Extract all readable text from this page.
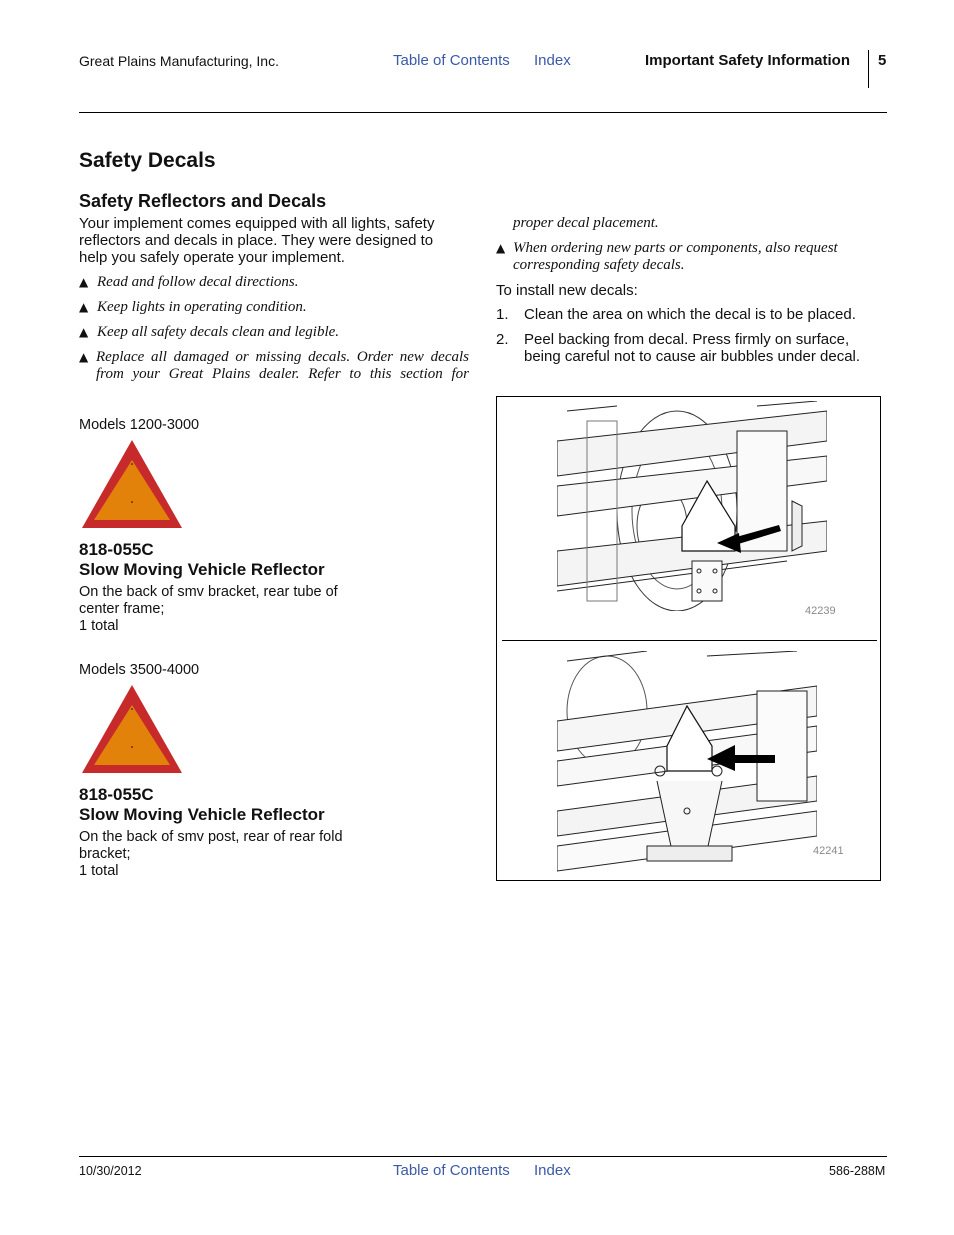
Great Plains Manufacturing, Inc.	Table of Contents Index	Important Safety Information 5
Safety Decals
Safety Reflectors and Decals
Your implement comes equipped with all lights, safety reflectors and decals in place. They were designed to help you safely operate your implement.
▲ Read and follow decal directions.
▲ Keep lights in operating condition.
▲ Keep all safety decals clean and legible.
▲ Replace all damaged or missing decals. Order new decals from your Great Plains dealer. Refer to this section for
proper decal placement.
▲ When ordering new parts or components, also request corresponding safety decals.
To install new decals:
1. Clean the area on which the decal is to be placed.
2. Peel backing from decal. Press firmly on surface, being careful not to cause air bubbles under decal.
Models 1200-3000
818-055C
Slow Moving Vehicle Reflector
On the back of smv bracket, rear tube of center frame;
1 total
Models 3500-4000
818-055C
Slow Moving Vehicle Reflector
On the back of smv post, rear of rear fold bracket;
1 total
42239
42241
10/30/2012	Table of Contents Index	586-288M
